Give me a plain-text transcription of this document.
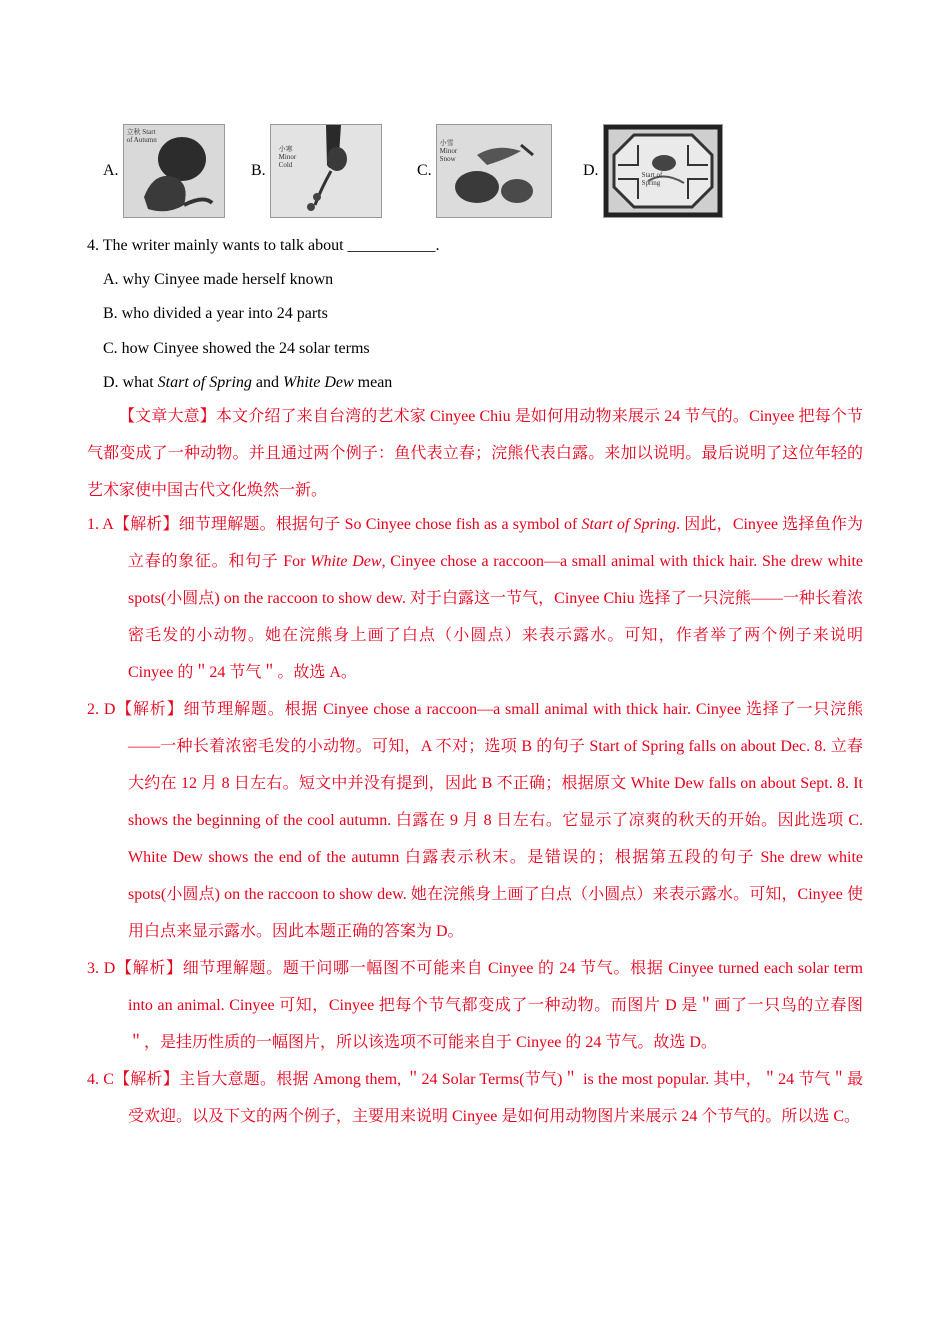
A.
立秋 Start of Autumn
B.
小寒 Minor Cold	C.
小雪 Minor Snow
D.	Start of Spring
4. The writer mainly wants to talk about ___________.
A. why Cinyee made herself known
B. who divided a year into 24 parts
C. how Cinyee showed the 24 solar terms
D. what Start of Spring and White Dew mean
【文章大意】本文介绍了来自台湾的艺术家 Cinyee Chiu 是如何用动物来展示 24 节气的。Cinyee 把每个节气都变成了一种动物。并且通过两个例子：鱼代表立春；浣熊代表白露。来加以说明。最后说明了这位年轻的艺术家使中国古代文化焕然一新。
1. A【解析】细节理解题。根据句子 So Cinyee chose fish as a symbol of Start of Spring. 因此，Cinyee 选择鱼作为立春的象征。和句子 For White Dew, Cinyee chose a raccoon—a small animal with thick hair. She drew white spots(小圆点) on the raccoon to show dew. 对于白露这一节气，Cinyee Chiu 选择了一只浣熊——一种长着浓密毛发的小动物。她在浣熊身上画了白点（小圆点）来表示露水。可知，作者举了两个例子来说明 Cinyee 的＂24 节气＂。故选 A。
2. D【解析】细节理解题。根据 Cinyee chose a raccoon—a small animal with thick hair. Cinyee 选择了一只浣熊——一种长着浓密毛发的小动物。可知，A 不对；选项 B 的句子 Start of Spring falls on about Dec. 8. 立春大约在 12 月 8 日左右。短文中并没有提到，因此 B 不正确；根据原文 White Dew falls on about Sept. 8. It shows the beginning of the cool autumn. 白露在 9 月 8 日左右。它显示了凉爽的秋天的开始。因此选项 C. White Dew shows the end of the autumn 白露表示秋末。是错误的；根据第五段的句子 She drew white spots(小圆点) on the raccoon to show dew. 她在浣熊身上画了白点（小圆点）来表示露水。可知，Cinyee 使用白点来显示露水。因此本题正确的答案为 D。
3. D【解析】细节理解题。题干问哪一幅图不可能来自 Cinyee 的 24 节气。根据 Cinyee turned each solar term into an animal. Cinyee 可知，Cinyee 把每个节气都变成了一种动物。而图片 D 是＂画了一只鸟的立春图＂，是挂历性质的一幅图片，所以该选项不可能来自于 Cinyee 的 24 节气。故选 D。
4. C【解析】主旨大意题。根据 Among them, ＂24 Solar Terms(节气)＂ is the most popular. 其中，＂24 节气＂最受欢迎。以及下文的两个例子，主要用来说明 Cinyee 是如何用动物图片来展示 24 个节气的。所以选 C。
